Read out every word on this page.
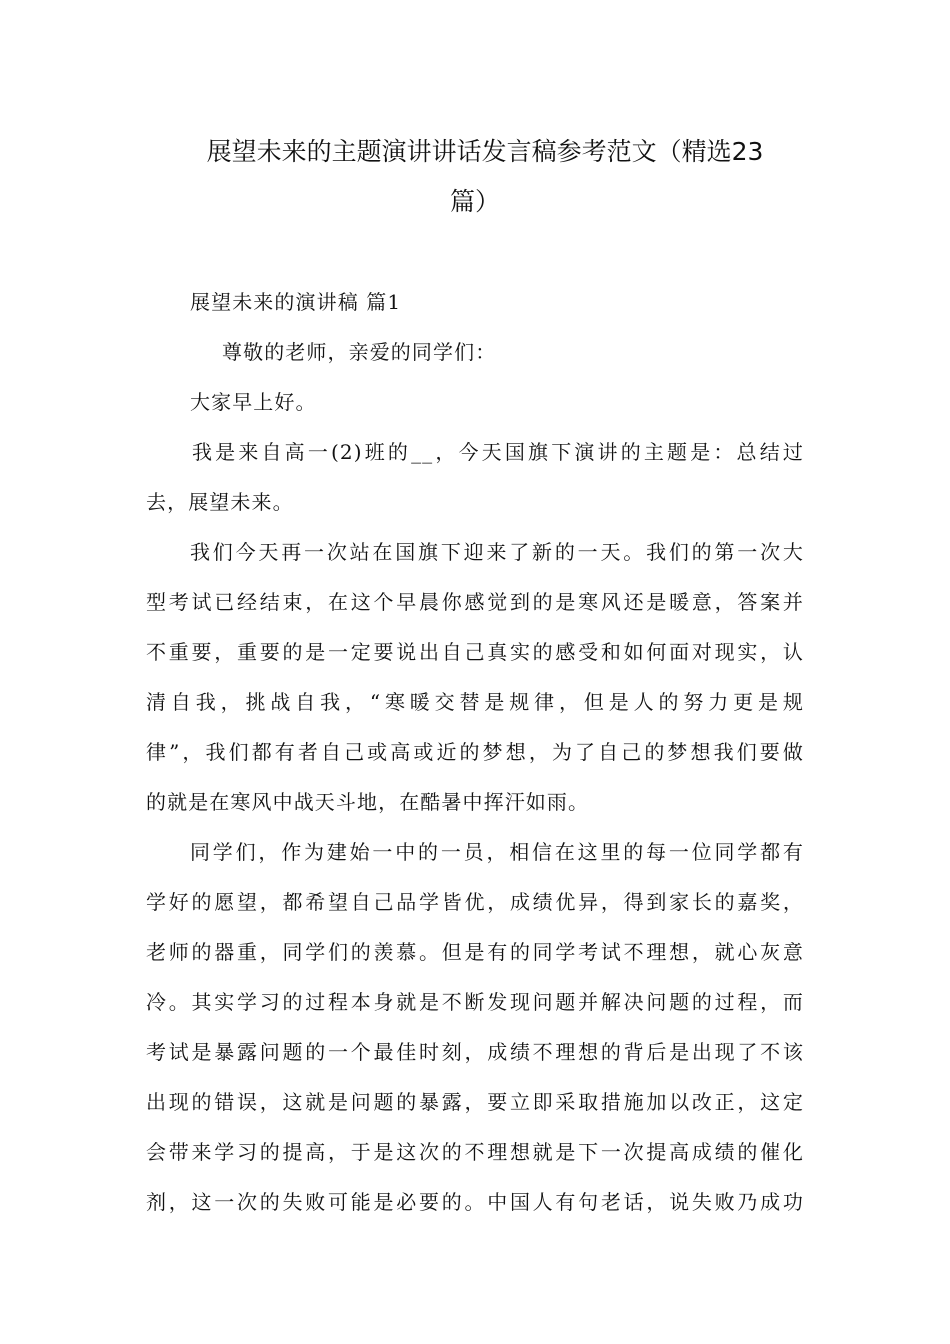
展望未来的主题演讲讲话发言稿参考范文（精选23
篇）

展望未来的演讲稿 篇1

尊敬的老师，亲爱的同学们：

大家早上好。

我是来自高一(2)班的__，今天国旗下演讲的主题是：总结过

去，展望未来。

我们今天再一次站在国旗下迎来了新的一天。我们的第一次大

型考试已经结束，在这个早晨你感觉到的是寒风还是暖意，答案并

不重要，重要的是一定要说出自己真实的感受和如何面对现实，认

清自我，挑战自我，“寒暖交替是规律，但是人的努力更是规

律”，我们都有者自己或高或近的梦想，为了自己的梦想我们要做

的就是在寒风中战天斗地，在酷暑中挥汗如雨。

同学们，作为建始一中的一员，相信在这里的每一位同学都有

学好的愿望，都希望自己品学皆优，成绩优异，得到家长的嘉奖，

老师的器重，同学们的羡慕。但是有的同学考试不理想，就心灰意

冷。其实学习的过程本身就是不断发现问题并解决问题的过程，而

考试是暴露问题的一个最佳时刻，成绩不理想的背后是出现了不该

出现的错误，这就是问题的暴露，要立即采取措施加以改正，这定

会带来学习的提高，于是这次的不理想就是下一次提高成绩的催化

剂，这一次的失败可能是必要的。中国人有句老话，说失败乃成功
